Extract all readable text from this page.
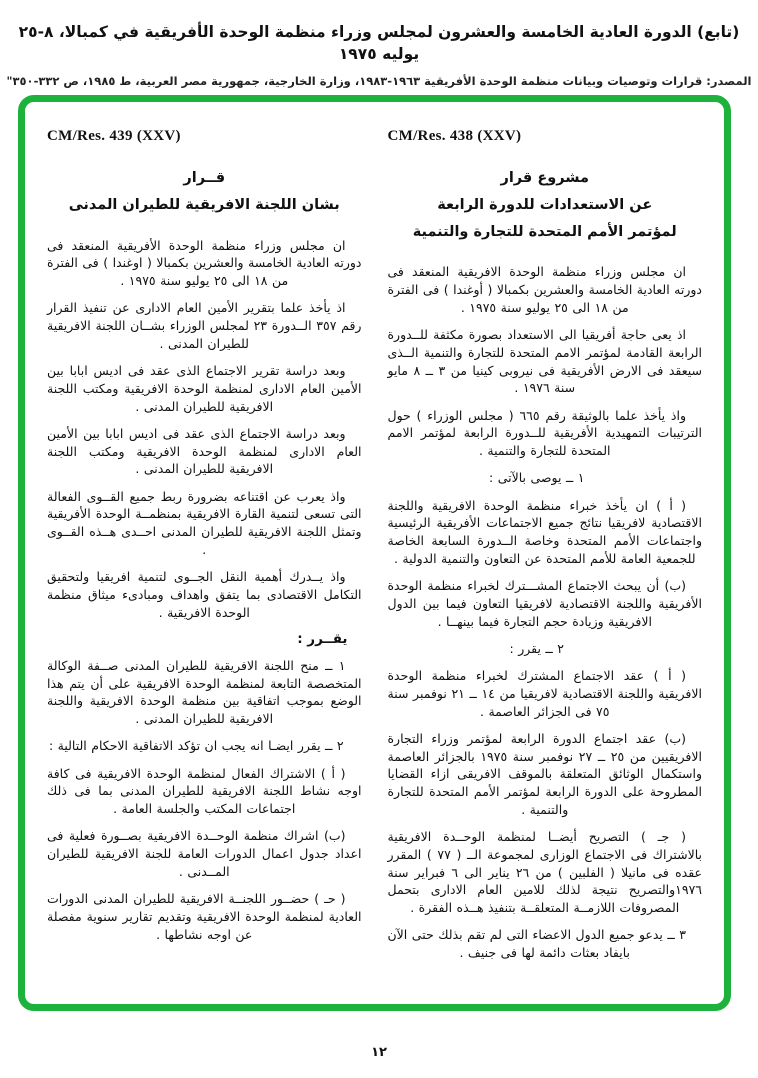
(تابع) الدورة العادية الخامسة والعشرون لمجلس وزراء منظمة الوحدة الأفريقية في كمبالا، ٨-٢٥ يوليه ١٩٧٥
المصدر: قرارات وتوصيات وبيانات منظمة الوحدة الأفريقية ١٩٦٣-١٩٨٣، وزارة الخارجية، جمهورية مصر العربية، ط ١٩٨٥، ص ٣٣٢-٣٥٠"
CM/Res. 439 (XXV)
قــرار
بشان اللجنة الافريقية للطيران المدنى

ان مجلس وزراء منظمة الوحدة الأفريقية المنعقد فى دورته العادية الخامسة والعشرين بكمبالا ( اوغندا ) فى الفترة من ١٨ الى ٢٥ يوليو سنة ١٩٧٥ .

اذ يأخذ علما بتقرير الأمين العام الادارى عن تنفيذ القرار رقم ٣٥٧ الــدورة ٢٣ لمجلس الوزراء بشــان اللجنة الافريقية للطيران المدنى .

وبعد دراسة تقرير الاجتماع الذى عقد فى اديس ابابا بين الأمين العام الادارى لمنظمة الوحدة الافريقية ومكتب اللجنة الافريقية للطيران المدنى .

وبعد دراسة الاجتماع الذى عقد فى اديس ابابا بين الأمين العام الادارى لمنظمة الوحدة الافريقية ومكتب اللجنة الافريقية للطيران المدنى .

واذ يعرب عن اقتناعه بضرورة ربط جميع القــوى الفعالة التى تسعى لتنمية القارة الافريقية بمنظمــة الوحدة الأفريقية وتمثل اللجنة الافريقية للطيران المدنى احــدى هــذه القــوى .

واذ يــدرك أهمية النقل الجــوى لتنمية افريقيا ولتحقيق التكامل الاقتصادى بما يتفق واهداف ومبادىء ميثاق منظمة الوحدة الافريقية .

يقــرر :

١ ــ منح اللجنة الافريقية للطيران المدنى صــفة الوكالة المتخصصة التابعة لمنظمة الوحدة الافريقية على أن يتم هذا الوضع بموجب اتفاقية بين منظمة الوحدة الافريقية واللجنة الافريقية للطيران المدنى .

٢ ــ يقرر ايضـا انه يجب ان تؤكد الاتفاقية الاحكام التالية :

( أ ) الاشتراك الفعال لمنظمة الوحدة الافريقية فى كافة اوجه نشاط اللجنة الافريقية للطيران المدنى بما فى ذلك اجتماعات المكتب والجلسة العامة .

(ب) اشراك منظمة الوحــدة الافريقية بصــورة فعلية فى اعداد جدول اعمال الدورات العامة للجنة الافريقية للطيران المــدنى .

( حـ ) حضــور اللجنــة الافريقية للطيران المدنى الدورات العادية لمنظمة الوحدة الافريقية وتقديم تقارير سنوية مفصلة عن اوجه نشاطها .

CM/Res. 438 (XXV)
مشروع قرار
عن الاستعدادات للدورة الرابعة
لمؤتمر الأمم المتحدة للتجارة والتنمية

ان مجلس وزراء منظمة الوحدة الافريقية المنعقد فى دورته العادية الخامسة والعشرين بكمبالا ( أوغندا ) فى الفترة من ١٨ الى ٢٥ يوليو سنة ١٩٧٥ .

اذ يعى حاجة أفريقيا الى الاستعداد بصورة مكثفة للــدورة الرابعة القادمة لمؤتمر الامم المتحدة للتجارة والتنمية الــذى سيعقد فى الارض الأفريقية فى نيروبى كينيا من ٣ ــ ٨ مايو سنة ١٩٧٦ .

واذ يأخذ علما بالوثيقة رقم ٦٦٥ ( مجلس الوزراء ) حول الترتيبات التمهيدية الأفريقية للــدورة الرابعة لمؤتمر الامم المتحدة للتجارة والتنمية .

١ ــ يوصى بالآتى :

( أ ) ان يأخذ خبراء منظمة الوحدة الافريقية واللجنة الاقتصادية لافريقيا نتائج جميع الاجتماعات الأفريقية الرئيسية واجتماعات الأمم المتحدة وخاصة الــدورة السابعة الخاصة للجمعية العامة للأمم المتحدة عن التعاون والتنمية الدولية .

(ب) أن يبحث الاجتماع المشـــترك لخبراء منظمة الوحدة الأفريقية واللجنة الاقتصادية لافريقيا التعاون فيما بين الدول الافريقية وزيادة حجم التجارة فيما بينهــا .

٢ ــ يقرر :

( أ ) عقد الاجتماع المشترك لخبراء منظمة الوحدة الافريقية واللجنة الاقتصادية لافريقيا من ١٤ ــ ٢١ نوفمبر سنة ٧٥ فى الجزائر العاصمة .

(ب) عقد اجتماع الدورة الرابعة لمؤتمر وزراء التجارة الافريقيين من ٢٥ ــ ٢٧ نوفمبر سنة ١٩٧٥ بالجزائر العاصمة واستكمال الوثائق المتعلقة بالموقف الافريقى ازاء القضايا المطروحة على الدورة الرابعة لمؤتمر الأمم المتحدة للتجارة والتنمية .

( جـ ) التصريح أيضــا لمنظمة الوحــدة الافريقية بالاشتراك فى الاجتماع الوزارى لمجموعة الــ ( ٧٧ ) المقرر عقده فى مانيلا ( الفلبين ) من ٢٦ يناير الى ٦ فبراير سنة ١٩٧٦والتصريح نتيجة لذلك للامين العام الادارى بتحمل المصروفات اللازمــة المتعلقــة بتنفيذ هــذه الفقرة .

٣ ــ يدعو جميع الدول الاعضاء التى لم تقم بذلك حتى الآن بايفاد بعثات دائمة لها فى جنيف .

١٢
